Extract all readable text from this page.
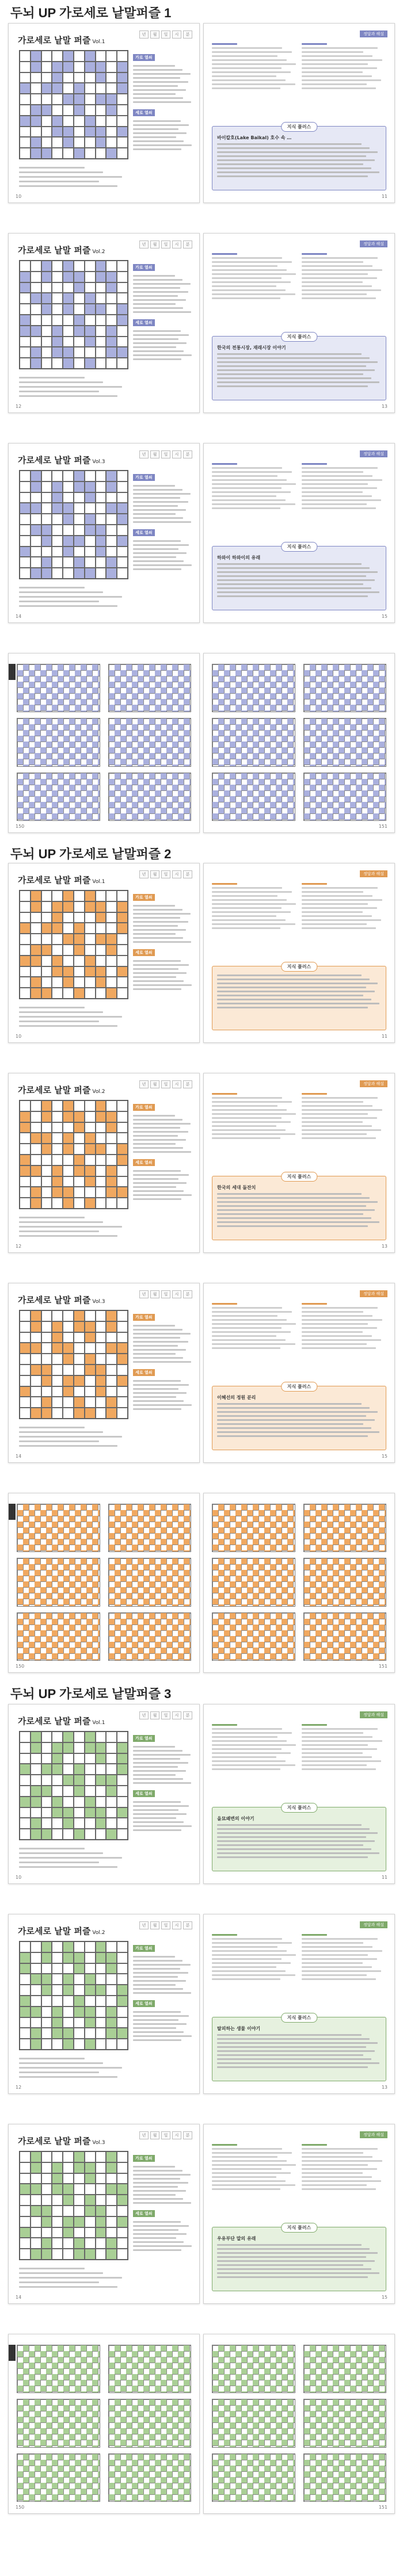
두뇌 UP 가로세로 낱말퍼즐 1
가로세로 낱말 퍼즐 Vol.1
년	월	일	시	분
가로 열쇠
세로 열쇠
10
정답과 해설
지식 플러스
바이칼호(Lake Baikal) 호수 속 …
11
가로세로 낱말 퍼즐 Vol.2
년	월	일	시	분
가로 열쇠
세로 열쇠
12
정답과 해설
지식 플러스
한국의 전통시장, 재래시장 이야기
13
가로세로 낱말 퍼즐 Vol.3
년	월	일	시	분
가로 열쇠
세로 열쇠
14
정답과 해설
지식 플러스
하와이 하와이의 유래
15
150	151
두뇌 UP 가로세로 낱말퍼즐 2
가로세로 낱말 퍼즐 Vol.1
년	월	일	시	분
가로 열쇠
세로 열쇠
10
정답과 해설
지식 플러스
11
가로세로 낱말 퍼즐 Vol.2
년	월	일	시	분
가로 열쇠
세로 열쇠
12
정답과 해설
지식 플러스
한국의 세대 돌잔치
13
가로세로 낱말 퍼즐 Vol.3
년	월	일	시	분
가로 열쇠
세로 열쇠
14
정답과 해설
지식 플러스
이혜선의 정원 분리
15
150	151
두뇌 UP 가로세로 낱말퍼즐 3
가로세로 낱말 퍼즐 Vol.1
년	월	일	시	분
가로 열쇠
세로 열쇠
10
정답과 해설
지식 플러스
을묘왜변의 이야기
11
가로세로 낱말 퍼즐 Vol.2
년	월	일	시	분
가로 열쇠
세로 열쇠
12
정답과 해설
지식 플러스
탈피하는 생물 이야기
13
가로세로 낱말 퍼즐 Vol.3
년	월	일	시	분
가로 열쇠
세로 열쇠
14
정답과 해설
지식 플러스
우유부단 말의 유래
15
150	151
